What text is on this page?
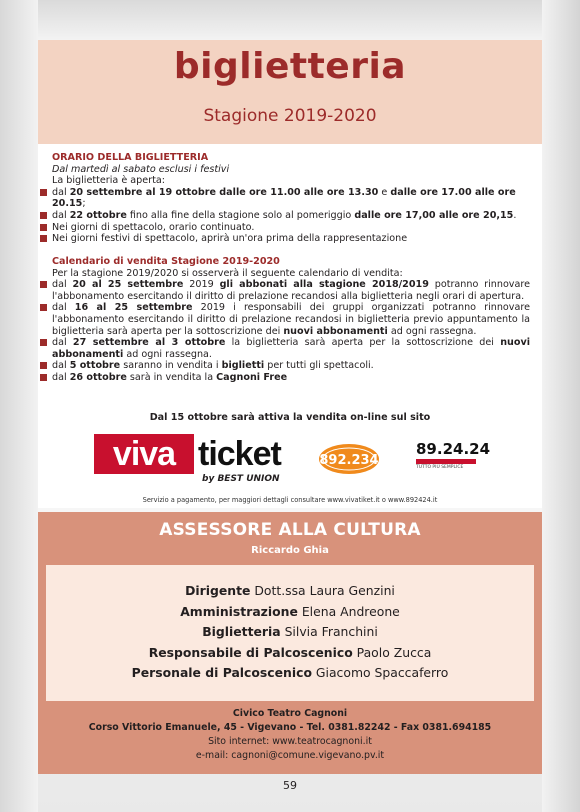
biglietteria
Stagione 2019-2020
ORARIO DELLA BIGLIETTERIA
Dal martedì al sabato esclusi i festivi
La biglietteria è aperta:
dal 20 settembre al 19 ottobre dalle ore 11.00 alle ore 13.30 e dalle ore 17.00 alle ore 20.15;
dal 22 ottobre fino alla fine della stagione solo al pomeriggio dalle ore 17,00 alle ore 20,15.
Nei giorni di spettacolo, orario continuato.
Nei giorni festivi di spettacolo, aprirà un'ora prima della rappresentazione
Calendario di vendita Stagione 2019-2020
Per la stagione 2019/2020 si osserverà il seguente calendario di vendita:
dal 20 al 25 settembre 2019 gli abbonati alla stagione 2018/2019 potranno rinnovare l'abbonamento esercitando il diritto di prelazione recandosi alla biglietteria negli orari di apertura.
dal 16 al 25 settembre 2019 i responsabili dei gruppi organizzati potranno rinnovare l'abbonamento esercitando il diritto di prelazione recandosi in biglietteria previo appuntamento la biglietteria sarà aperta per la sottoscrizione dei nuovi abbonamenti ad ogni rassegna.
dal 27 settembre al 3 ottobre la biglietteria sarà aperta per la sottoscrizione dei nuovi abbonamenti ad ogni rassegna.
dal 5 ottobre saranno in vendita i biglietti per tutti gli spettacoli.
dal 26 ottobre sarà in vendita la Cagnoni Free
Dal 15 ottobre sarà attiva la vendita on-line sul sito
viva ticket
by BEST UNION
892.234
89.24.24
TUTTO PIÙ SEMPLICE
Servizio a pagamento, per maggiori dettagli consultare www.vivatiket.it o www.892424.it
ASSESSORE ALLA CULTURA
Riccardo Ghia
Dirigente Dott.ssa Laura Genzini
Amministrazione Elena Andreone
Biglietteria Silvia Franchini
Responsabile di Palcoscenico Paolo Zucca
Personale di Palcoscenico Giacomo Spaccaferro
Civico Teatro Cagnoni
Corso Vittorio Emanuele, 45 - Vigevano - Tel. 0381.82242 - Fax 0381.694185
Sito internet: www.teatrocagnoni.it
e-mail: cagnoni@comune.vigevano.pv.it
59
